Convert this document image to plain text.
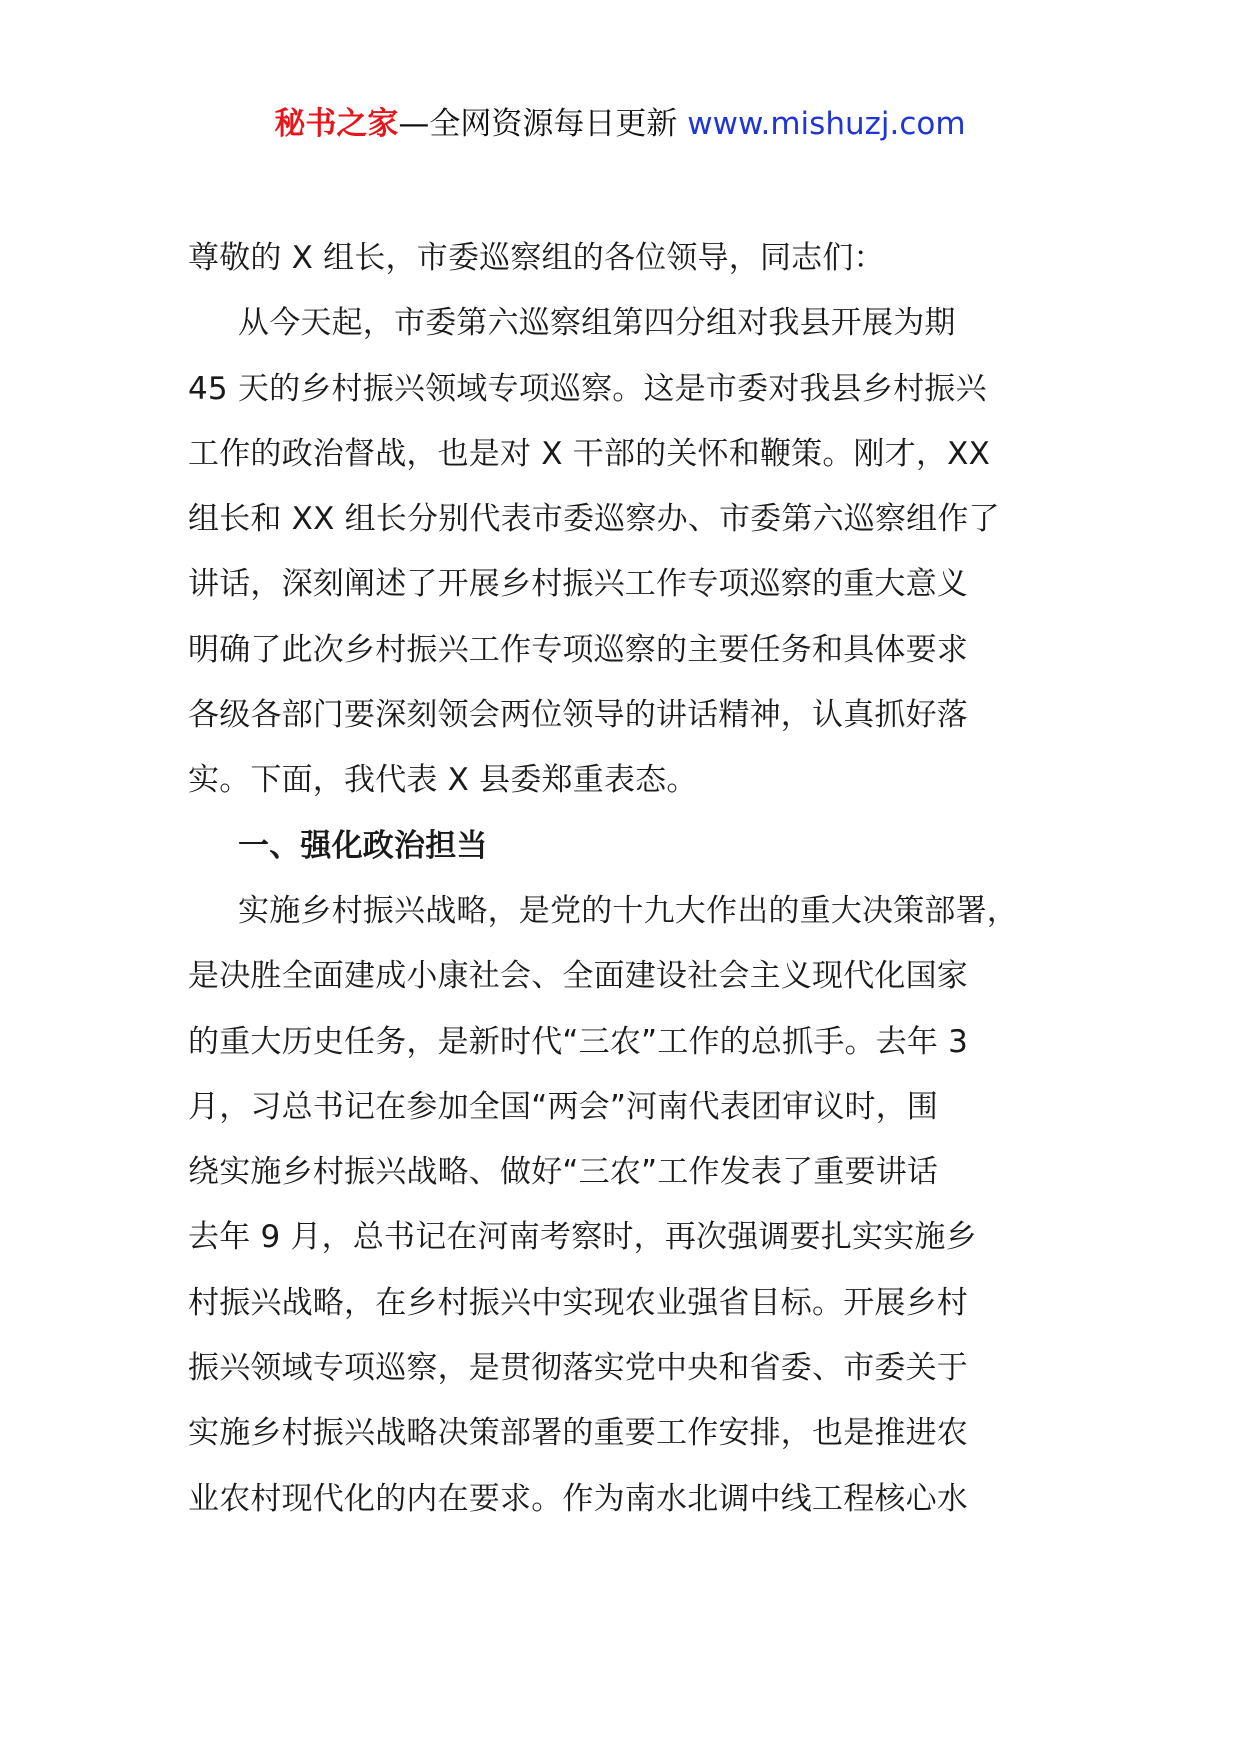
秘书之家—全网资源每日更新 www.mishuzj.com
尊敬的 X 组长，市委巡察组的各位领导，同志们：
从今天起，市委第六巡察组第四分组对我县开展为期
45 天的乡村振兴领域专项巡察。这是市委对我县乡村振兴
工作的政治督战，也是对 X 干部的关怀和鞭策。刚才，XX
组长和 XX 组长分别代表市委巡察办、市委第六巡察组作了
讲话，深刻阐述了开展乡村振兴工作专项巡察的重大意义
明确了此次乡村振兴工作专项巡察的主要任务和具体要求
各级各部门要深刻领会两位领导的讲话精神，认真抓好落
实。下面，我代表 X 县委郑重表态。
一、强化政治担当
实施乡村振兴战略，是党的十九大作出的重大决策部署，
是决胜全面建成小康社会、全面建设社会主义现代化国家
的重大历史任务，是新时代“三农”工作的总抓手。去年 3
月，习总书记在参加全国“两会”河南代表团审议时，围
绕实施乡村振兴战略、做好“三农”工作发表了重要讲话
去年 9 月，总书记在河南考察时，再次强调要扎实实施乡
村振兴战略，在乡村振兴中实现农业强省目标。开展乡村
振兴领域专项巡察，是贯彻落实党中央和省委、市委关于
实施乡村振兴战略决策部署的重要工作安排，也是推进农
业农村现代化的内在要求。作为南水北调中线工程核心水
